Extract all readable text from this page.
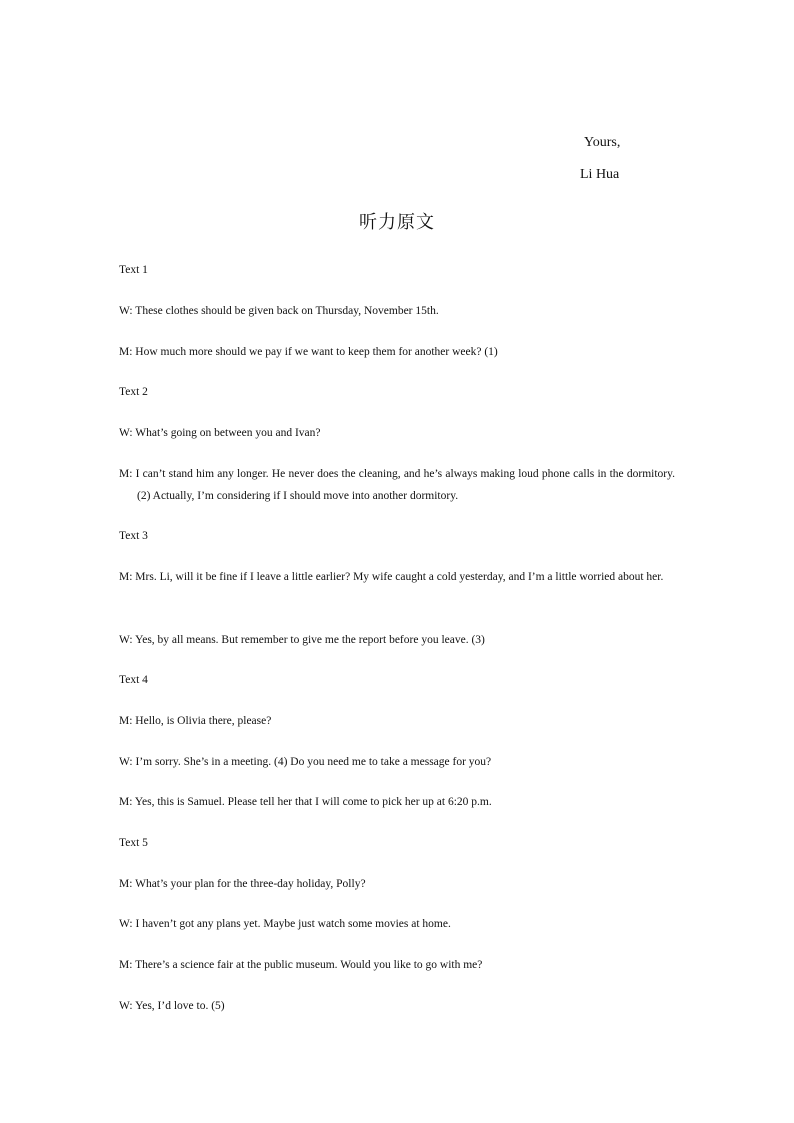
Yours,
Li Hua
听力原文
Text 1
W: These clothes should be given back on Thursday, November 15th.
M: How much more should we pay if we want to keep them for another week? (1)
Text 2
W: What’s going on between you and Ivan?
M: I can’t stand him any longer. He never does the cleaning, and he’s always making loud phone calls in the dormitory. (2) Actually, I’m considering if I should move into another dormitory.
Text 3
M: Mrs. Li, will it be fine if I leave a little earlier? My wife caught a cold yesterday, and I’m a little worried about her.
W: Yes, by all means. But remember to give me the report before you leave. (3)
Text 4
M: Hello, is Olivia there, please?
W: I’m sorry. She’s in a meeting. (4) Do you need me to take a message for you?
M: Yes, this is Samuel. Please tell her that I will come to pick her up at 6:20 p.m.
Text 5
M: What’s your plan for the three-day holiday, Polly?
W: I haven’t got any plans yet. Maybe just watch some movies at home.
M: There’s a science fair at the public museum. Would you like to go with me?
W: Yes, I’d love to. (5)
